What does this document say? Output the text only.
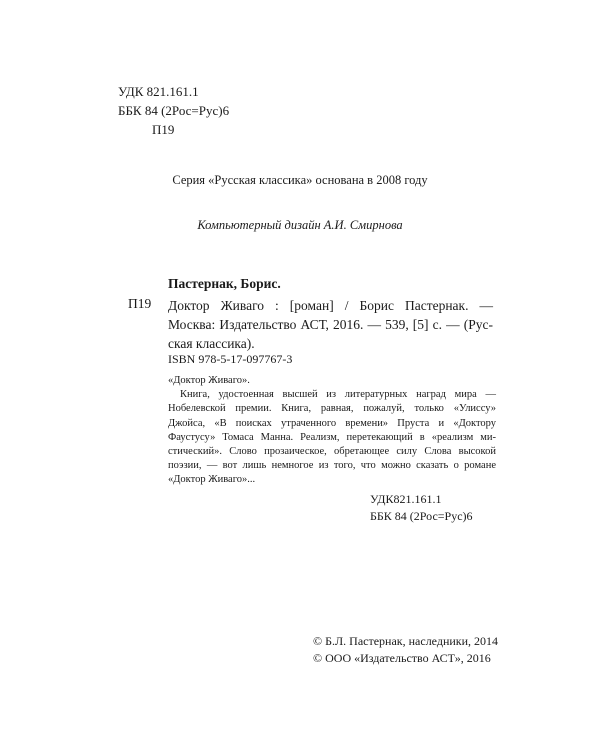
УДК 821.161.1
ББК 84 (2Рос=Рус)6
П19
Серия «Русская классика» основана в 2008 году
Компьютерный дизайн А.И. Смирнова
Пастернак, Борис.
П19 Доктор Живаго : [роман] / Борис Пастернак. —
Москва: Издательство АСТ, 2016. — 539, [5] с. — (Рус-
ская классика).
ISBN 978-5-17-097767-3
«Доктор Живаго».
Книга, удостоенная высшей из литературных наград мира —
Нобелевской премии. Книга, равная, пожалуй, только «Улиссу»
Джойса, «В поисках утраченного времени» Пруста и «Доктору
Фаустусу» Томаса Манна. Реализм, перетекающий в «реализм ми-
стический». Слово прозаическое, обретающее силу Слова высокой
поэзии, — вот лишь немногое из того, что можно сказать о романе
«Доктор Живаго»...
УДК821.161.1
ББК 84 (2Рос=Рус)6
© Б.Л. Пастернак, наследники, 2014
© ООО «Издательство АСТ», 2016
